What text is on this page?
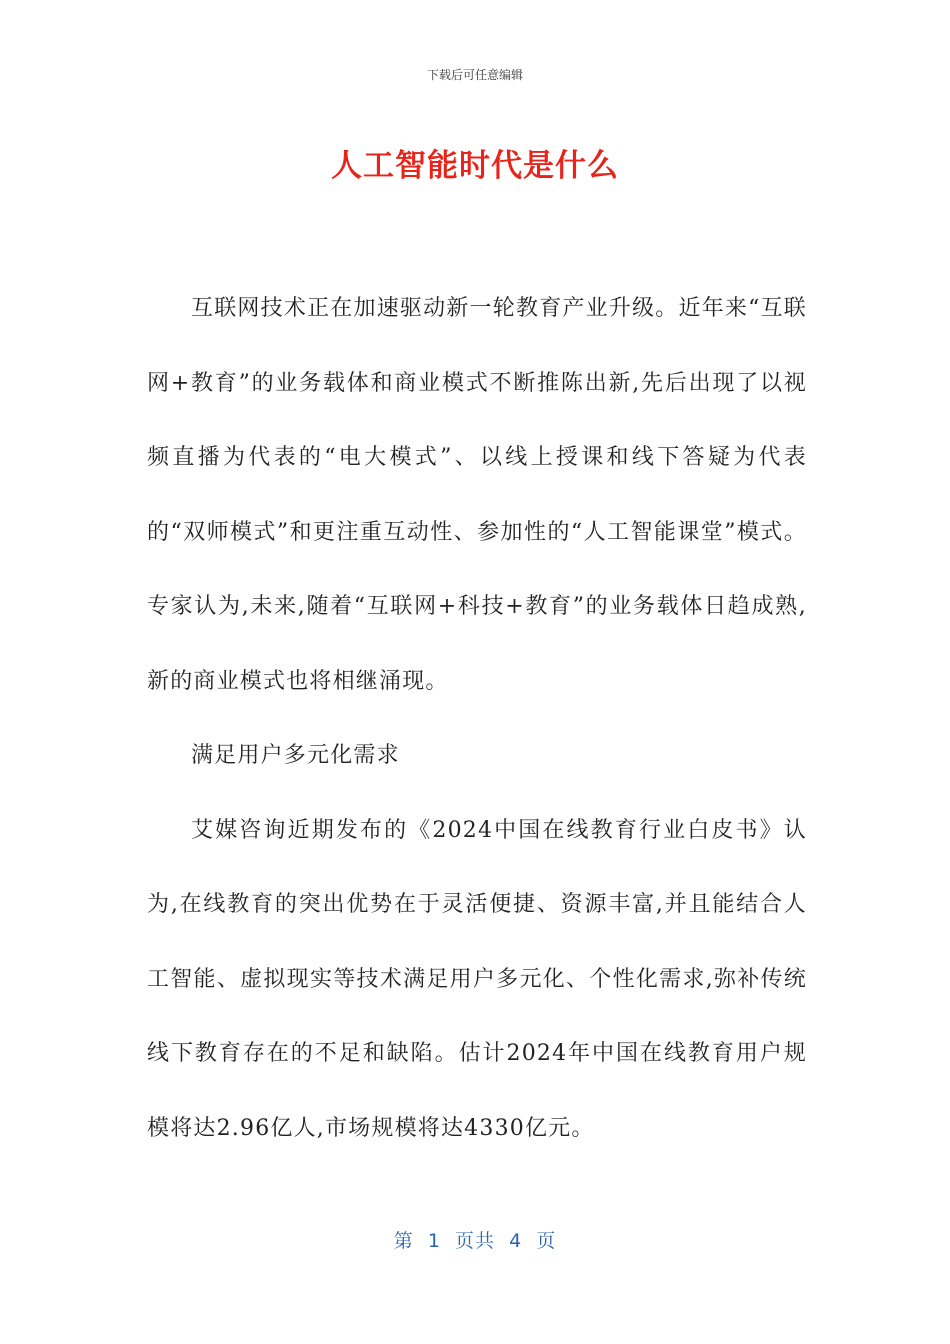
下载后可任意编辑
人工智能时代是什么

互联网技术正在加速驱动新一轮教育产业升级。近年来“互联网+教育”的业务载体和商业模式不断推陈出新,先后出现了以视频直播为代表的“电大模式”、以线上授课和线下答疑为代表的“双师模式”和更注重互动性、参加性的“人工智能课堂”模式。专家认为,未来,随着“互联网+科技+教育”的业务载体日趋成熟,新的商业模式也将相继涌现。

满足用户多元化需求

艾媒咨询近期发布的《2024中国在线教育行业白皮书》认为,在线教育的突出优势在于灵活便捷、资源丰富,并且能结合人工智能、虚拟现实等技术满足用户多元化、个性化需求,弥补传统线下教育存在的不足和缺陷。估计2024年中国在线教育用户规模将达2.96亿人,市场规模将达4330亿元。

第  1  页共  4  页
